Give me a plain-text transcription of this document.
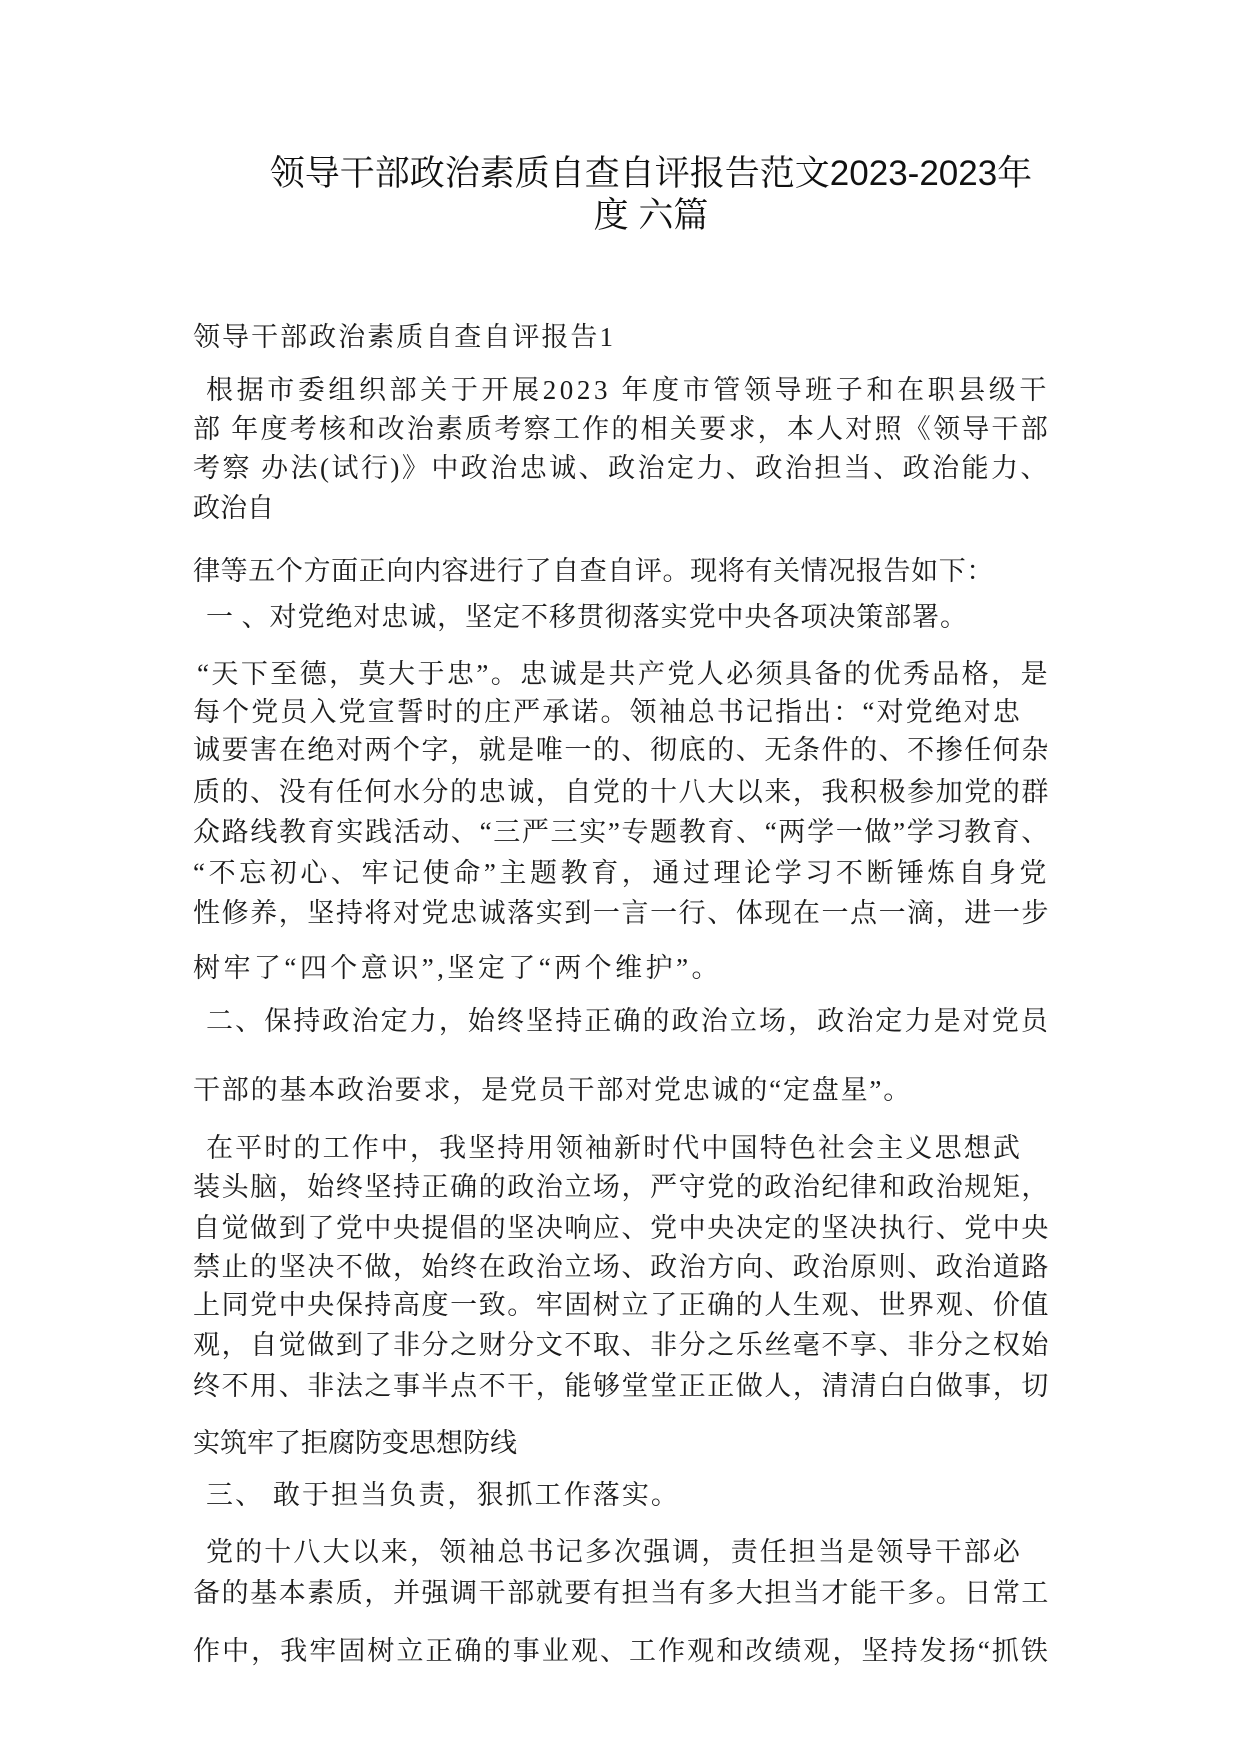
领导干部政治素质自查自评报告范文2023-2023年
度 六篇
领导干部政治素质自查自评报告1
根据市委组织部关于开展2023 年度市管领导班子和在职县级干
部 年度考核和改治素质考察工作的相关要求，本人对照《领导干部
考察 办法(试行)》中政治忠诚、政治定力、政治担当、政治能力、
政治自
律等五个方面正向内容进行了自查自评。现将有关情况报告如下：
一 、对党绝对忠诚，坚定不移贯彻落实党中央各项决策部署。
“天下至德，莫大于忠”。忠诚是共产党人必须具备的优秀品格，是
每个党员入党宣誓时的庄严承诺。领袖总书记指出：“对党绝对忠
诚要害在绝对两个字，就是唯一的、彻底的、无条件的、不掺任何杂
质的、没有任何水分的忠诚，自党的十八大以来，我积极参加党的群
众路线教育实践活动、“三严三实”专题教育、“两学一做”学习教育、
“不忘初心、牢记使命”主题教育，通过理论学习不断锤炼自身党
性修养，坚持将对党忠诚落实到一言一行、体现在一点一滴，进一步
树牢了“四个意识”,坚定了“两个维护”。
二、保持政治定力，始终坚持正确的政治立场，政治定力是对党员
干部的基本政治要求，是党员干部对党忠诚的“定盘星”。
在平时的工作中，我坚持用领袖新时代中国特色社会主义思想武
装头脑，始终坚持正确的政治立场，严守党的政治纪律和政治规矩，
自觉做到了党中央提倡的坚决响应、党中央决定的坚决执行、党中央
禁止的坚决不做，始终在政治立场、政治方向、政治原则、政治道路
上同党中央保持高度一致。牢固树立了正确的人生观、世界观、价值
观，自觉做到了非分之财分文不取、非分之乐丝毫不享、非分之权始
终不用、非法之事半点不干，能够堂堂正正做人，清清白白做事，切
实筑牢了拒腐防变思想防线
三、 敢于担当负责，狠抓工作落实。
党的十八大以来，领袖总书记多次强调，责任担当是领导干部必
备的基本素质，并强调干部就要有担当有多大担当才能干多。日常工
作中，我牢固树立正确的事业观、工作观和改绩观，坚持发扬“抓铁
